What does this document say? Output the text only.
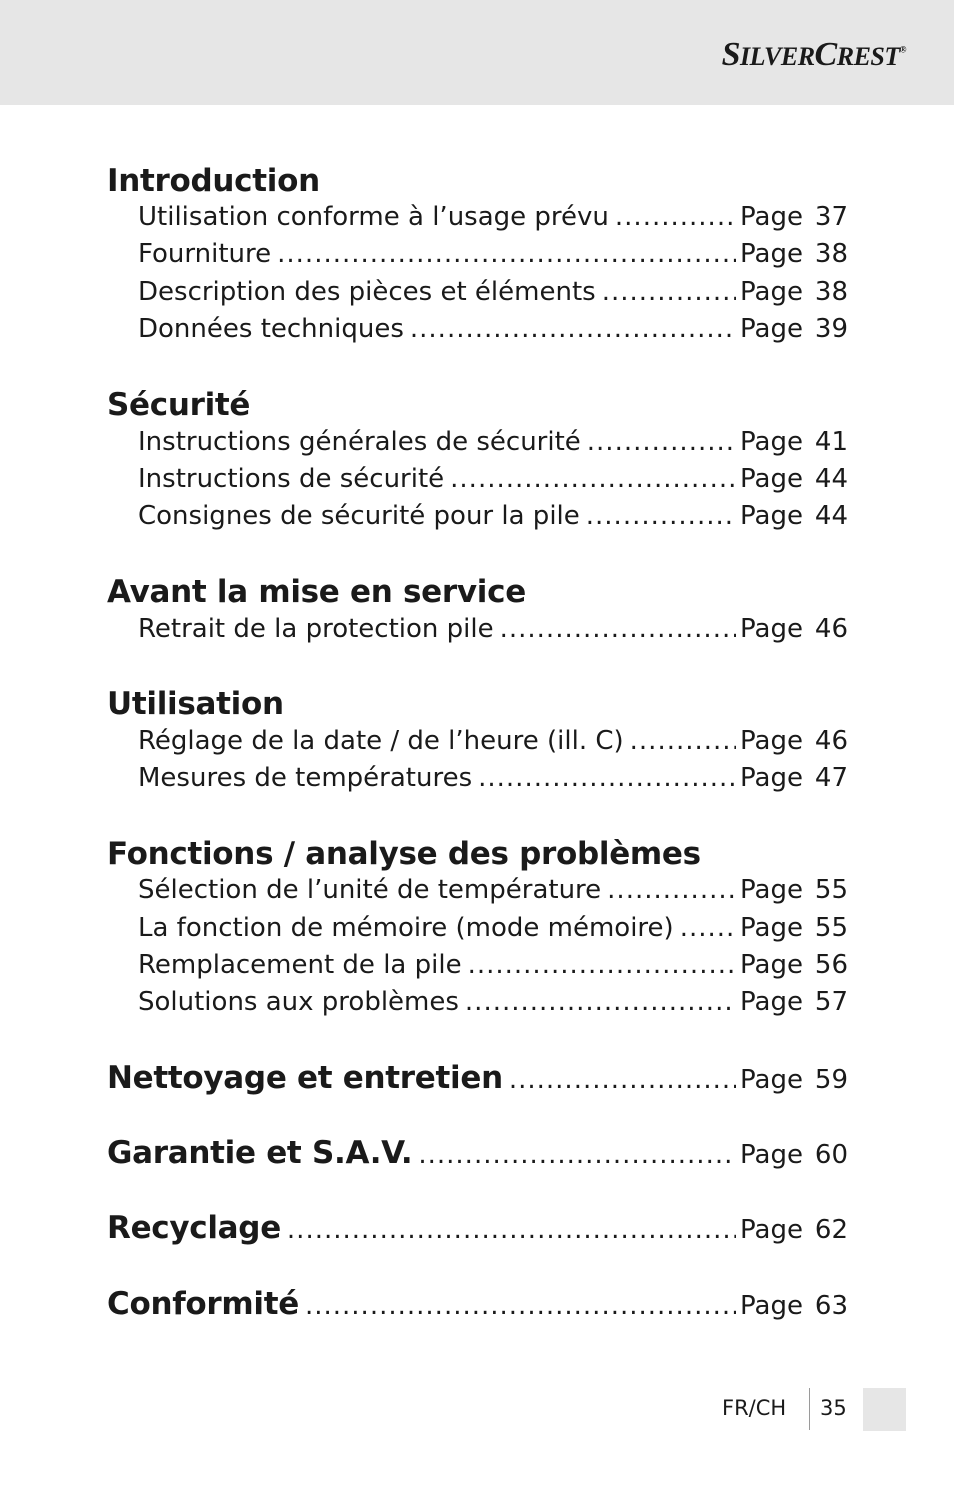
SILVERCREST®
Introduction
Utilisation conforme à l’usage prévu .....	Page 37
Fourniture .....	Page 38
Description des pièces et éléments .....	Page 38
Données techniques .....	Page 39
Sécurité
Instructions générales de sécurité .....	Page 41
Instructions de sécurité .....	Page 44
Consignes de sécurité pour la pile .....	Page 44
Avant la mise en service
Retrait de la protection pile .....	Page 46
Utilisation
Réglage de la date / de l’heure (ill. C) .....	Page 46
Mesures de températures .....	Page 47
Fonctions / analyse des problèmes
Sélection de l’unité de température .....	Page 55
La fonction de mémoire (mode mémoire) .....	Page 55
Remplacement de la pile .....	Page 56
Solutions aux problèmes .....	Page 57
Nettoyage et entretien .....	Page 59
Garantie et S.A.V. .....	Page 60
Recyclage .....	Page 62
Conformité .....	Page 63
FR/CH 35
